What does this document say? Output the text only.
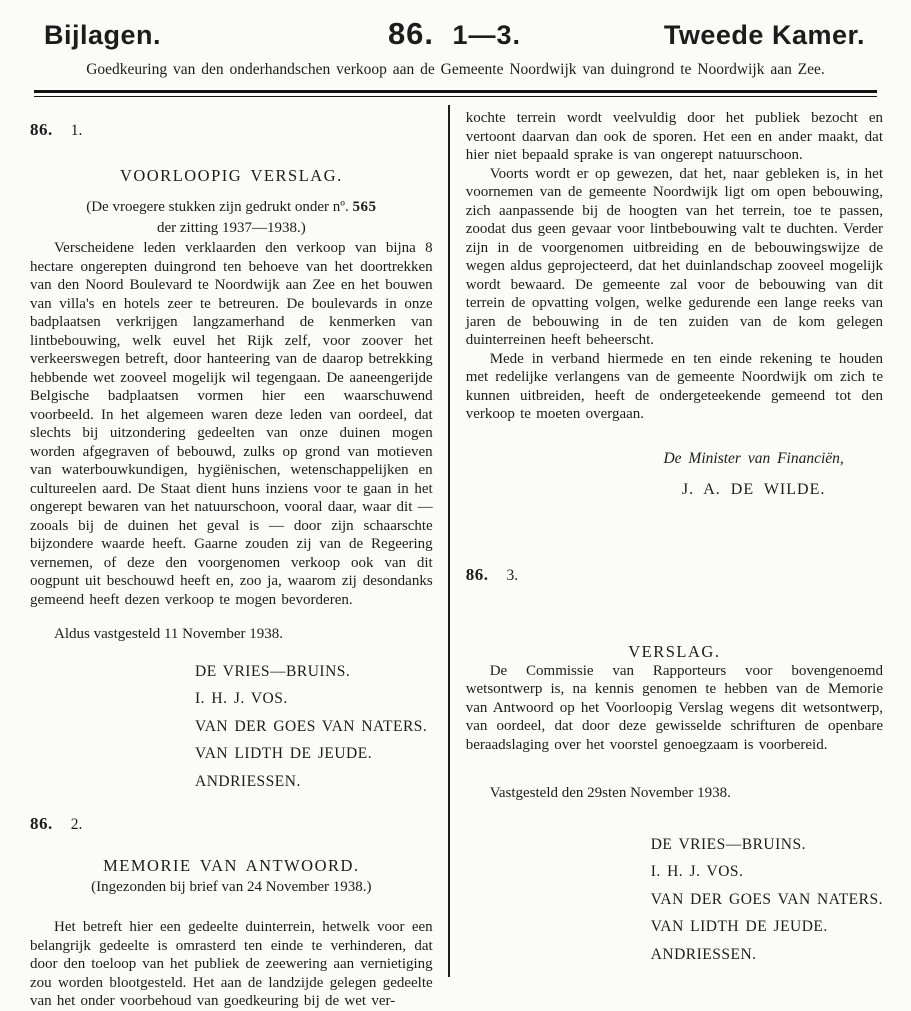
Bijlagen.	86. 1—3.	Tweede Kamer.
Goedkeuring van den onderhandschen verkoop aan de Gemeente Noordwijk van duingrond te Noordwijk aan Zee.
86. 1.
VOORLOOPIG VERSLAG.
(De vroegere stukken zijn gedrukt onder nº. 565
der zitting 1937—1938.)

Verscheidene leden verklaarden den verkoop van bijna 8 hectare ongerepten duingrond ten behoeve van het doortrekken van den Noord Boulevard te Noordwijk aan Zee en het bouwen van villa's en hotels zeer te betreuren. De boulevards in onze badplaatsen verkrijgen langzamerhand de kenmerken van lintbebouwing, welk euvel het Rijk zelf, voor zoover het verkeerswegen betreft, door hanteering van de daarop betrekking hebbende wet zooveel mogelijk wil tegengaan. De aaneengerijde Belgische badplaatsen vormen hier een waarschuwend voorbeeld. In het algemeen waren deze leden van oordeel, dat slechts bij uitzondering gedeelten van onze duinen mogen worden afgegraven of bebouwd, zulks op grond van motieven van waterbouwkundigen, hygiënischen, wetenschappelijken en cultureelen aard. De Staat dient huns inziens voor te gaan in het ongerept bewaren van het natuurschoon, vooral daar, waar dit — zooals bij de duinen het geval is — door zijn schaarschte bijzondere waarde heeft. Gaarne zouden zij van de Regeering vernemen, of deze den voorgenomen verkoop ook van dit oogpunt uit beschouwd heeft en, zoo ja, waarom zij desondanks gemeend heeft dezen verkoop te mogen bevorderen.

Aldus vastgesteld 11 November 1938.
DE VRIES—BRUINS.
I. H. J. VOS.
VAN DER GOES VAN NATERS.
VAN LIDTH DE JEUDE.
ANDRIESSEN.
86. 2.
MEMORIE VAN ANTWOORD.
(Ingezonden bij brief van 24 November 1938.)

Het betreft hier een gedeelte duinterrein, hetwelk voor een belangrijk gedeelte is omrasterd ten einde te verhinderen, dat door den toeloop van het publiek de zeewering aan vernietiging zou worden blootgesteld. Het aan de landzijde gelegen gedeelte van het onder voorbehoud van goedkeuring bij de wet ver-

kochte terrein wordt veelvuldig door het publiek bezocht en vertoont daarvan dan ook de sporen. Het een en ander maakt, dat hier niet bepaald sprake is van ongerept natuurschoon.

Voorts wordt er op gewezen, dat het, naar gebleken is, in het voornemen van de gemeente Noordwijk ligt om open bebouwing, zich aanpassende bij de hoogten van het terrein, toe te passen, zoodat dus geen gevaar voor lintbebouwing valt te duchten. Verder zijn in de voorgenomen uitbreiding en de bebouwingswijze de wegen aldus geprojecteerd, dat het duinlandschap zooveel mogelijk wordt bewaard. De gemeente zal voor de bebouwing van dit terrein de opvatting volgen, welke gedurende een lange reeks van jaren de bebouwing in de ten zuiden van de kom gelegen duinterreinen heeft beheerscht.

Mede in verband hiermede en ten einde rekening te houden met redelijke verlangens van de gemeente Noordwijk om zich te kunnen uitbreiden, heeft de ondergeteekende gemeend tot den verkoop te moeten overgaan.

De Minister van Financiën,
J. A. DE WILDE.
86. 3.
VERSLAG.

De Commissie van Rapporteurs voor bovengenoemd wetsontwerp is, na kennis genomen te hebben van de Memorie van Antwoord op het Voorloopig Verslag wegens dit wetsontwerp, van oordeel, dat door deze gewisselde schrifturen de openbare beraadslaging over het voorstel genoegzaam is voorbereid.

Vastgesteld den 29sten November 1938.
DE VRIES—BRUINS.
I. H. J. VOS.
VAN DER GOES VAN NATERS.
VAN LIDTH DE JEUDE.
ANDRIESSEN.
